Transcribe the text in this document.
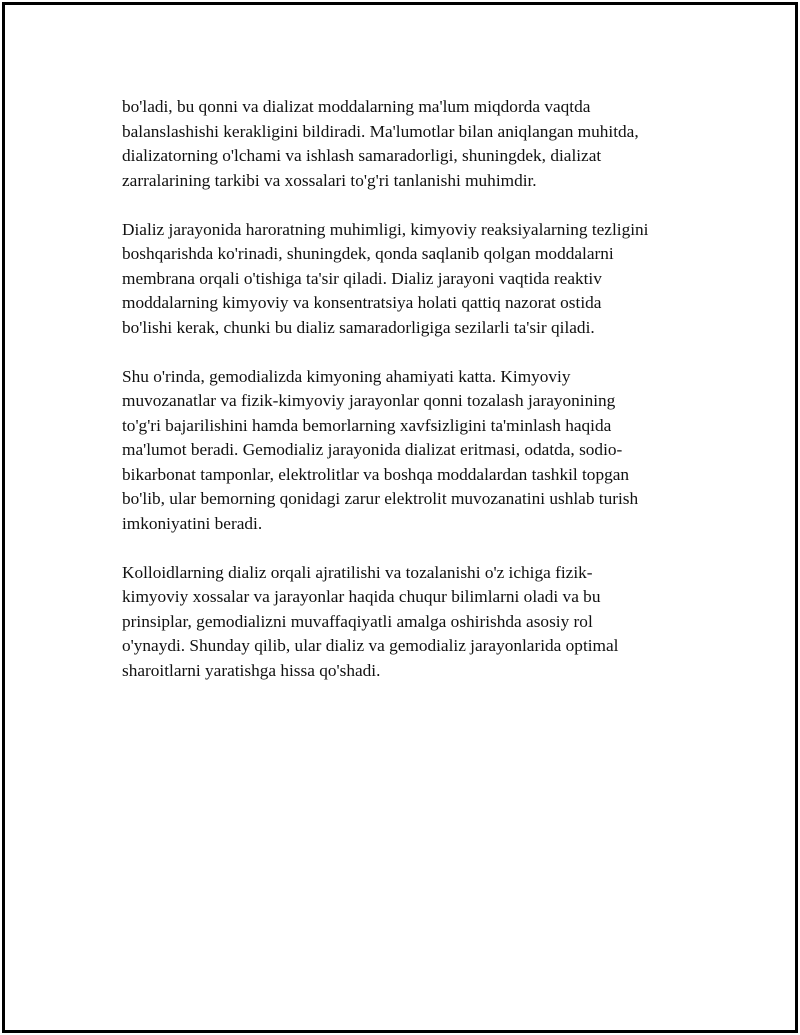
bo'ladi, bu qonni va dializat moddalarning ma'lum miqdorda vaqtda
balanslashishi kerakligini bildiradi. Ma'lumotlar bilan aniqlangan muhitda,
dializatorning o'lchami va ishlash samaradorligi, shuningdek, dializat
zarralarining tarkibi va xossalari to'g'ri tanlanishi muhimdir.

Dializ jarayonida haroratning muhimligi, kimyoviy reaksiyalarning tezligini
boshqarishda ko'rinadi, shuningdek, qonda saqlanib qolgan moddalarni
membrana orqali o'tishiga ta'sir qiladi. Dializ jarayoni vaqtida reaktiv
moddalarning kimyoviy va konsentratsiya holati qattiq nazorat ostida
bo'lishi kerak, chunki bu dializ samaradorligiga sezilarli ta'sir qiladi.

Shu o'rinda, gemodializda kimyoning ahamiyati katta. Kimyoviy
muvozanatlar va fizik-kimyoviy jarayonlar qonni tozalash jarayonining
to'g'ri bajarilishini hamda bemorlarning xavfsizligini ta'minlash haqida
ma'lumot beradi. Gemodializ jarayonida dializat eritmasi, odatda, sodio-
bikarbonat tamponlar, elektrolitlar va boshqa moddalardan tashkil topgan
bo'lib, ular bemorning qonidagi zarur elektrolit muvozanatini ushlab turish
imkoniyatini beradi.

Kolloidlarning dializ orqali ajratilishi va tozalanishi o'z ichiga fizik-
kimyoviy xossalar va jarayonlar haqida chuqur bilimlarni oladi va bu
prinsiplar, gemodializni muvaffaqiyatli amalga oshirishda asosiy rol
o'ynaydi. Shunday qilib, ular dializ va gemodializ jarayonlarida optimal
sharoitlarni yaratishga hissa qo'shadi.
